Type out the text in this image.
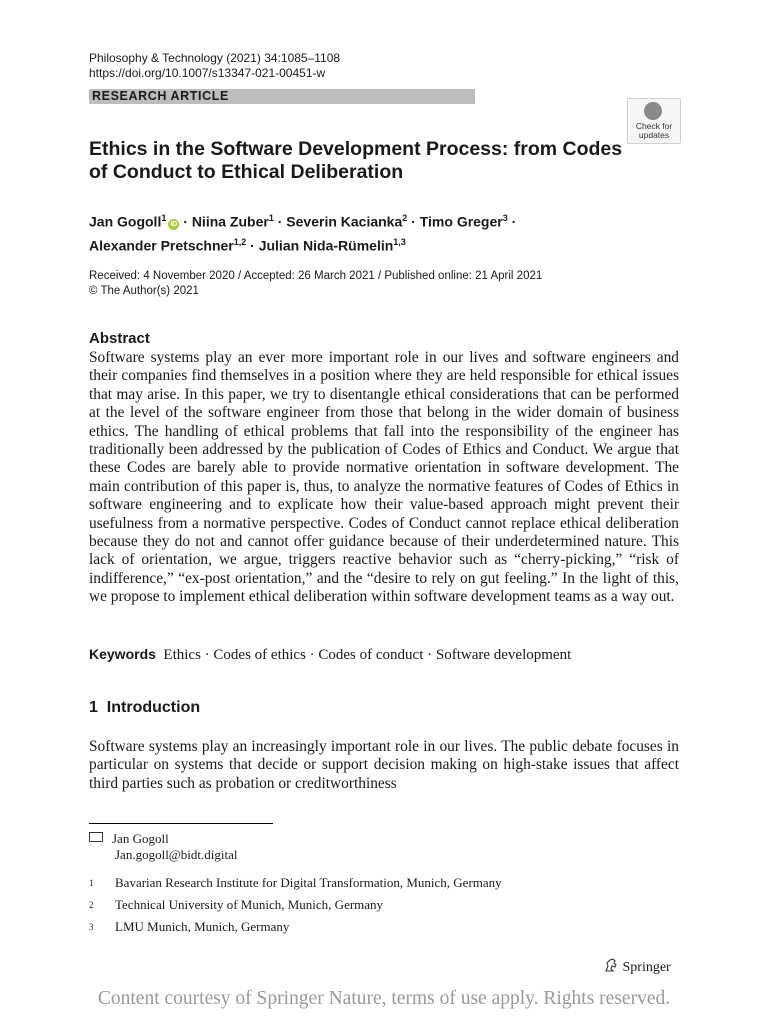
Philosophy & Technology (2021) 34:1085–1108
https://doi.org/10.1007/s13347-021-00451-w
RESEARCH ARTICLE
Check for
updates
Ethics in the Software Development Process: from Codes of Conduct to Ethical Deliberation
Jan Gogoll$^1$iD · Niina Zuber$^1$ · Severin Kacianka$^2$ · Timo Greger$^3$ ·
Alexander Pretschner$^{1,2}$ · Julian Nida-Rümelin$^{1,3}$
Received: 4 November 2020 / Accepted: 26 March 2021 / Published online: 21 April 2021
© The Author(s) 2021
Abstract
Software systems play an ever more important role in our lives and software engineers and their companies find themselves in a position where they are held responsible for ethical issues that may arise. In this paper, we try to disentangle ethical considerations that can be performed at the level of the software engineer from those that belong in the wider domain of business ethics. The handling of ethical problems that fall into the responsibility of the engineer has traditionally been addressed by the publication of Codes of Ethics and Conduct. We argue that these Codes are barely able to provide normative orientation in software development. The main contribution of this paper is, thus, to analyze the normative features of Codes of Ethics in software engineering and to explicate how their value-based approach might prevent their usefulness from a normative perspective. Codes of Conduct cannot replace ethical deliberation because they do not and cannot offer guidance because of their underdetermined nature. This lack of orientation, we argue, triggers reactive behavior such as “cherry-picking,” “risk of indifference,” “ex-post orientation,” and the “desire to rely on gut feeling.” In the light of this, we propose to implement ethical deliberation within software development teams as a way out.
Keywords Ethics · Codes of ethics · Codes of conduct · Software development
1 Introduction
Software systems play an increasingly important role in our lives. The public debate focuses in particular on systems that decide or support decision making on high-stake issues that affect third parties such as probation or creditworthiness
Jan Gogoll
Jan.gogoll@bidt.digital
$^1$ Bavarian Research Institute for Digital Transformation, Munich, Germany
$^2$ Technical University of Munich, Munich, Germany
$^3$ LMU Munich, Munich, Germany
Springer
Content courtesy of Springer Nature, terms of use apply. Rights reserved.
